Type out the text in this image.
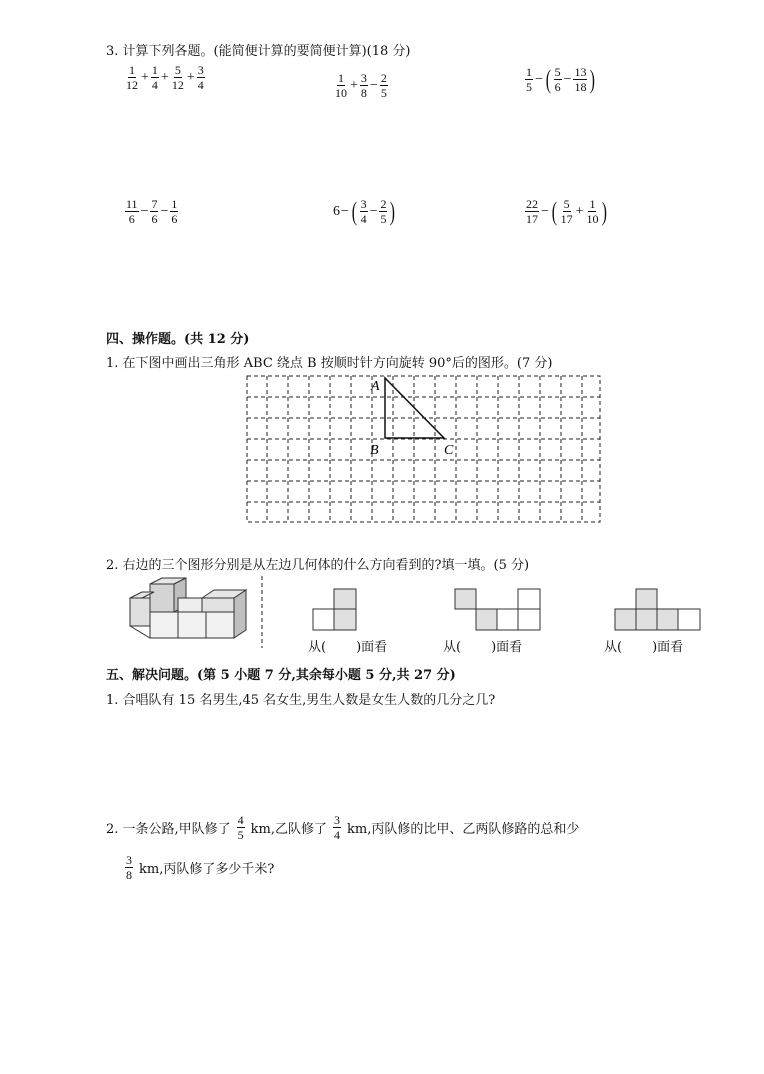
3. 计算下列各题。(能简便计算的要简便计算)(18 分)
$\frac{1}{12} + \frac{1}{4} + \frac{5}{12} + \frac{3}{4}$	$\frac{1}{10} + \frac{3}{8} - \frac{2}{5}$	$\frac{1}{5}$ − ( $\frac{5}{6} - \frac{13}{18}$ )
$\frac{11}{6} - \frac{7}{6} - \frac{1}{6}$	6 − ( $\frac{3}{4} - \frac{2}{5}$ )	$\frac{22}{17}$ − ( $\frac{5}{17} + \frac{1}{10}$ )
四、操作题。(共 12 分)
1. 在下图中画出三角形 ABC 绕点 B 按顺时针方向旋转 90°后的图形。(7 分)
A
B	C
2. 右边的三个图形分别是从左边几何体的什么方向看到的?填一填。(5 分)
从( )面看	从( )面看	从( )面看
五、解决问题。(第 5 小题 7 分,其余每小题 5 分,共 27 分)
1. 合唱队有 15 名男生,45 名女生,男生人数是女生人数的几分之几?
2. 一条公路,甲队修了 $\frac{4}{5}$ km,乙队修了 $\frac{3}{4}$ km,丙队修的比甲、乙两队修路的总和少
$\frac{3}{8}$ km,丙队修了多少千米?
